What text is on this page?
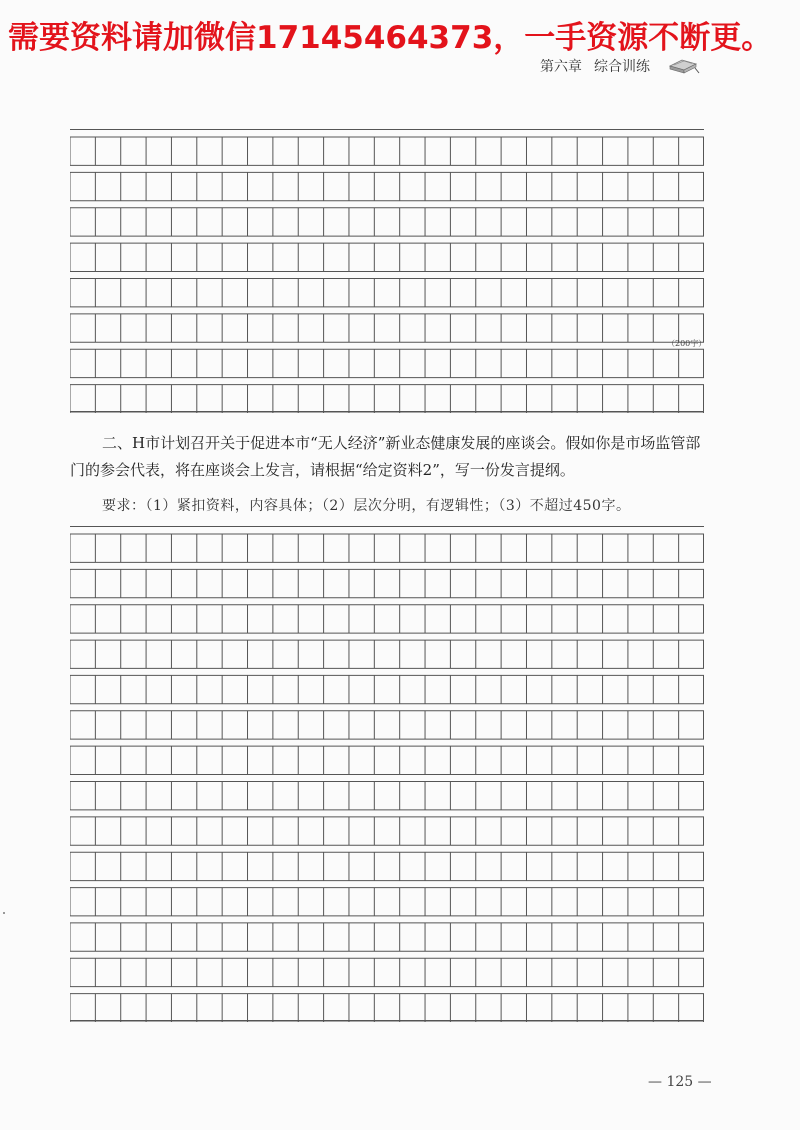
需要资料请加微信17145464373，一手资源不断更。
第六章 综合训练
（200字）

二、H市计划召开关于促进本市“无人经济”新业态健康发展的座谈会。假如你是市场监管部门的参会代表，将在座谈会上发言，请根据“给定资料2”，写一份发言提纲。

要求：（1）紧扣资料，内容具体；（2）层次分明，有逻辑性；（3）不超过450字。
— 125 —
